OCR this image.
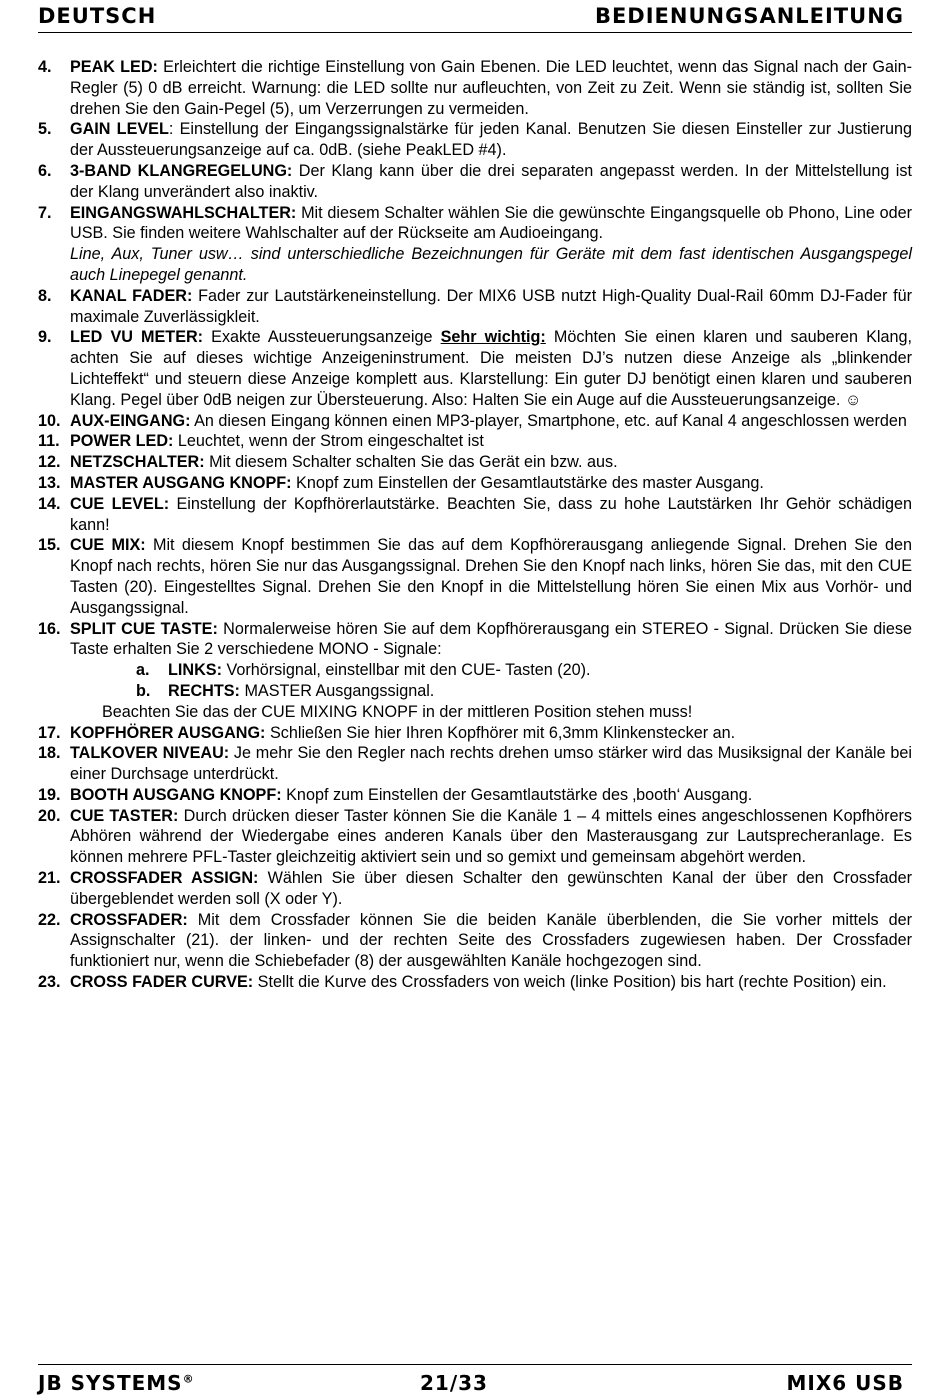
DEUTSCH	BEDIENUNGSANLEITUNG
4.	PEAK LED: Erleichtert die richtige Einstellung von Gain Ebenen. Die LED leuchtet, wenn das Signal nach der Gain-Regler (5) 0 dB erreicht. Warnung: die LED sollte nur aufleuchten, von Zeit zu Zeit. Wenn sie ständig ist, sollten Sie drehen Sie den Gain-Pegel (5), um Verzerrungen zu vermeiden.
5.	GAIN LEVEL: Einstellung der Eingangssignalstärke für jeden Kanal. Benutzen Sie diesen Einsteller zur Justierung der Aussteuerungsanzeige auf ca. 0dB. (siehe PeakLED #4).
6.	3-BAND KLANGREGELUNG: Der Klang kann über die drei separaten angepasst werden. In der Mittelstellung ist der Klang unverändert also inaktiv.
7.	EINGANGSWAHLSCHALTER: Mit diesem Schalter wählen Sie die gewünschte Eingangsquelle ob Phono, Line oder USB. Sie finden weitere Wahlschalter auf der Rückseite am Audioeingang.
Line, Aux, Tuner usw… sind unterschiedliche Bezeichnungen für Geräte mit dem fast identischen Ausgangspegel auch Linepegel genannt.
8.	KANAL FADER: Fader zur Lautstärkeneinstellung. Der MIX6 USB nutzt High-Quality Dual-Rail 60mm DJ-Fader für maximale Zuverlässigkleit.
9.	LED VU METER: Exakte Aussteuerungsanzeige Sehr wichtig: Möchten Sie einen klaren und sauberen Klang, achten Sie auf dieses wichtige Anzeigeninstrument. Die meisten DJ’s nutzen diese Anzeige als „blinkender Lichteffekt“ und steuern diese Anzeige komplett aus. Klarstellung: Ein guter DJ benötigt einen klaren und sauberen Klang. Pegel über 0dB neigen zur Übersteuerung. Also: Halten Sie ein Auge auf die Aussteuerungsanzeige. ☺
10. AUX-EINGANG: An diesen Eingang können einen MP3-player, Smartphone, etc. auf Kanal 4 angeschlossen werden
11. POWER LED: Leuchtet, wenn der Strom eingeschaltet ist
12. NETZSCHALTER: Mit diesem Schalter schalten Sie das Gerät ein bzw. aus.
13. MASTER AUSGANG KNOPF: Knopf zum Einstellen der Gesamtlautstärke des master Ausgang.
14. CUE LEVEL: Einstellung der Kopfhörerlautstärke. Beachten Sie, dass zu hohe Lautstärken Ihr Gehör schädigen kann!
15. CUE MIX: Mit diesem Knopf bestimmen Sie das auf dem Kopfhörerausgang anliegende Signal. Drehen Sie den Knopf nach rechts, hören Sie nur das Ausgangssignal. Drehen Sie den Knopf nach links, hören Sie das, mit den CUE Tasten (20). Eingestelltes Signal. Drehen Sie den Knopf in die Mittelstellung hören Sie einen Mix aus Vorhör- und Ausgangssignal.
16. SPLIT CUE TASTE: Normalerweise hören Sie auf dem Kopfhörerausgang ein STEREO - Signal. Drücken Sie diese Taste erhalten Sie 2 verschiedene MONO - Signale:
a.	LINKS: Vorhörsignal, einstellbar mit den CUE- Tasten (20).
b.	RECHTS: MASTER Ausgangssignal.
Beachten Sie das der CUE MIXING KNOPF in der mittleren Position stehen muss!
17. KOPFHÖRER AUSGANG: Schließen Sie hier Ihren Kopfhörer mit 6,3mm Klinkenstecker an.
18. TALKOVER NIVEAU: Je mehr Sie den Regler nach rechts drehen umso stärker wird das Musiksignal der Kanäle bei einer Durchsage unterdrückt.
19. BOOTH AUSGANG KNOPF: Knopf zum Einstellen der Gesamtlautstärke des ‚booth‘ Ausgang.
20. CUE TASTER: Durch drücken dieser Taster können Sie die Kanäle 1 – 4 mittels eines angeschlossenen Kopfhörers Abhören während der Wiedergabe eines anderen Kanals über den Masterausgang zur Lautsprecheranlage. Es können mehrere PFL-Taster gleichzeitig aktiviert sein und so gemixt und gemeinsam abgehört werden.
21. CROSSFADER ASSIGN: Wählen Sie über diesen Schalter den gewünschten Kanal der über den Crossfader übergeblendet werden soll (X oder Y).
22. CROSSFADER: Mit dem Crossfader können Sie die beiden Kanäle überblenden, die Sie vorher mittels der Assignschalter (21). der linken- und der rechten Seite des Crossfaders zugewiesen haben. Der Crossfader funktioniert nur, wenn die Schiebefader (8) der ausgewählten Kanäle hochgezogen sind.
23. CROSS FADER CURVE: Stellt die Kurve des Crossfaders von weich (linke Position) bis hart (rechte Position) ein.
JB SYSTEMS®	21/33	MIX6 USB
